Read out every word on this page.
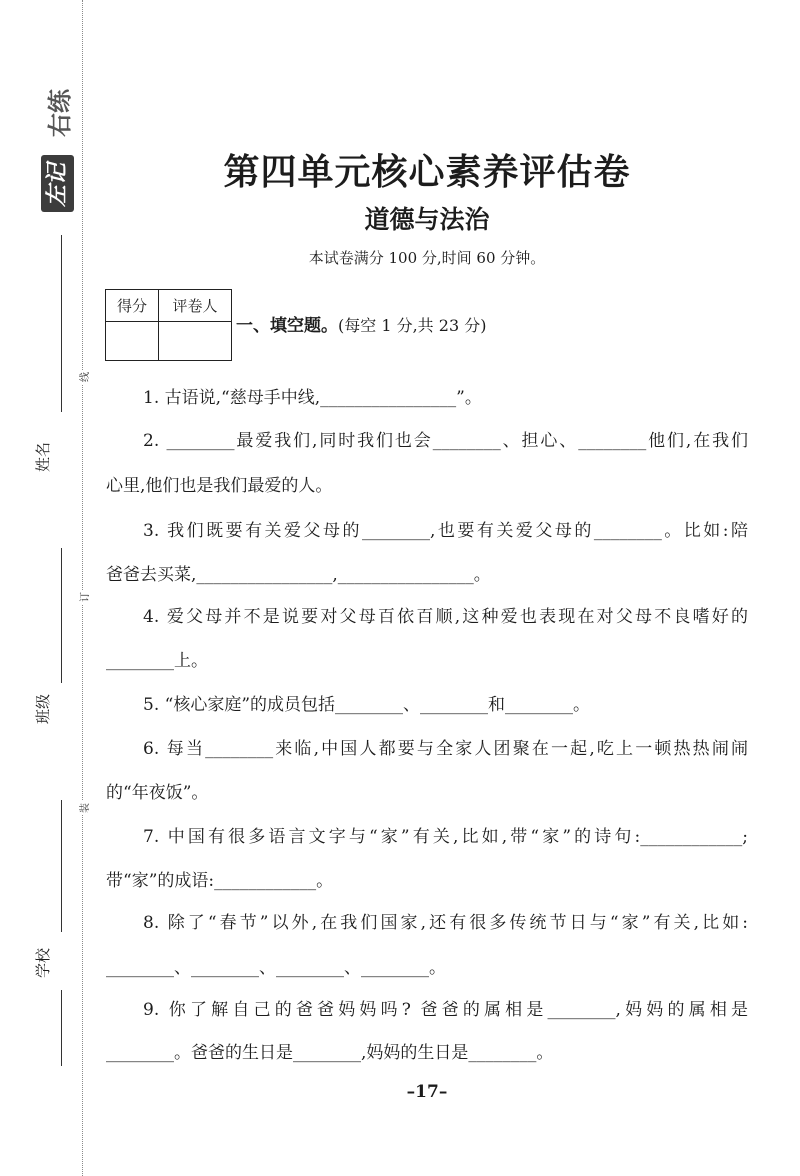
线
订
装
左记
右练
姓名
班级
学校
第四单元核心素养评估卷
道德与法治
本试卷满分 100 分,时间 60 分钟。
得分	评卷人
一、填空题。(每空 1 分,共 23 分)
1. 古语说,“慈母手中线,________________”。
2. ________最爱我们,同时我们也会________、担心、________他们,在我们
心里,他们也是我们最爱的人。
3. 我们既要有关爱父母的________,也要有关爱父母的________。比如:陪
爸爸去买菜,________________,________________。
4. 爱父母并不是说要对父母百依百顺,这种爱也表现在对父母不良嗜好的
________上。
5. “核心家庭”的成员包括________、________和________。
6. 每当________来临,中国人都要与全家人团聚在一起,吃上一顿热热闹闹
的“年夜饭”。
7. 中国有很多语言文字与“家”有关,比如,带“家”的诗句:____________;
带“家”的成语:____________。
8. 除了“春节”以外,在我们国家,还有很多传统节日与“家”有关,比如:
________、________、________、________。
9. 你了解自己的爸爸妈妈吗? 爸爸的属相是________,妈妈的属相是
________。爸爸的生日是________,妈妈的生日是________。
–17–
